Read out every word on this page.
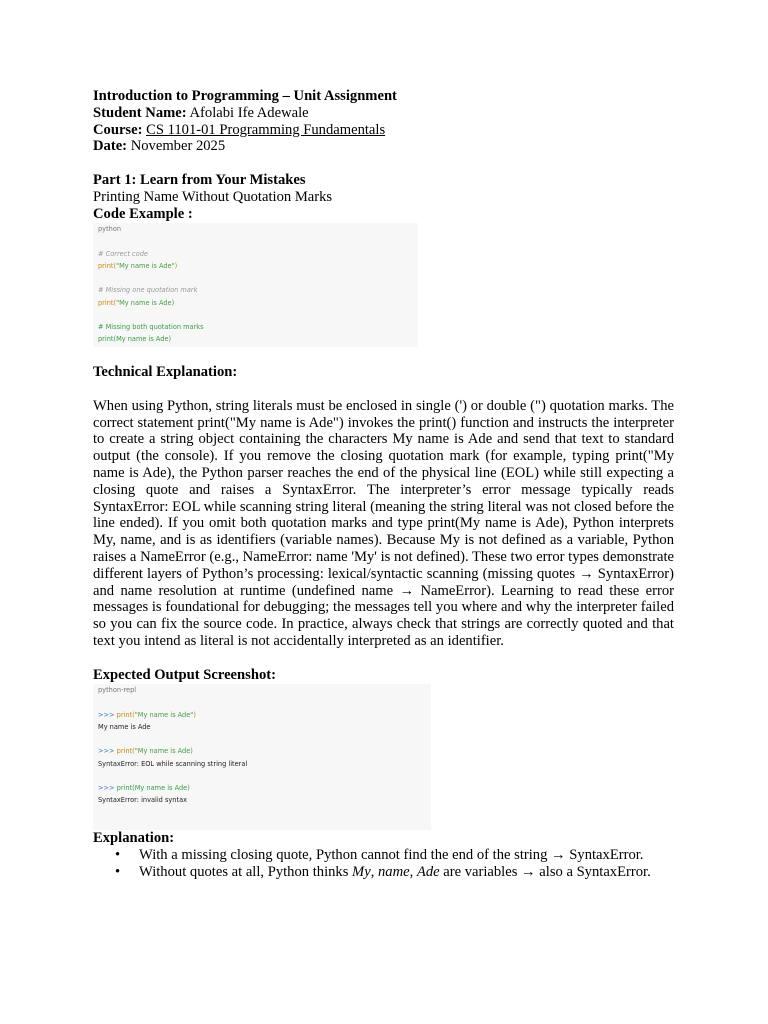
Introduction to Programming – Unit Assignment

Student Name: Afolabi Ife Adewale

Course: CS 1101-01 Programming Fundamentals

Date: November 2025

Part 1: Learn from Your Mistakes

Printing Name Without Quotation Marks

Code Example :

python

# Correct code
print("My name is Ade")

# Missing one quotation mark
print("My name is Ade)

# Missing both quotation marks
print(My name is Ade)

Technical Explanation:

When using Python, string literals must be enclosed in single (') or double (") quotation marks. The correct statement print("My name is Ade") invokes the print() function and instructs the interpreter to create a string object containing the characters My name is Ade and send that text to standard output (the console). If you remove the closing quotation mark (for example, typing print("My name is Ade), the Python parser reaches the end of the physical line (EOL) while still expecting a closing quote and raises a SyntaxError. The interpreter’s error message typically reads SyntaxError: EOL while scanning string literal (meaning the string literal was not closed before the line ended). If you omit both quotation marks and type print(My name is Ade), Python interprets My, name, and is as identifiers (variable names). Because My is not defined as a variable, Python raises a NameError (e.g., NameError: name 'My' is not defined). These two error types demonstrate different layers of Python’s processing: lexical/syntactic scanning (missing quotes → SyntaxError) and name resolution at runtime (undefined name → NameError). Learning to read these error messages is foundational for debugging; the messages tell you where and why the interpreter failed so you can fix the source code. In practice, always check that strings are correctly quoted and that text you intend as literal is not accidentally interpreted as an identifier.

Expected Output Screenshot:

python-repl

>>> print("My name is Ade")
My name is Ade

>>> print("My name is Ade)
SyntaxError: EOL while scanning string literal

>>> print(My name is Ade)
SyntaxError: invalid syntax

Explanation:

• With a missing closing quote, Python cannot find the end of the string → SyntaxError.
• Without quotes at all, Python thinks My, name, Ade are variables → also a SyntaxError.
